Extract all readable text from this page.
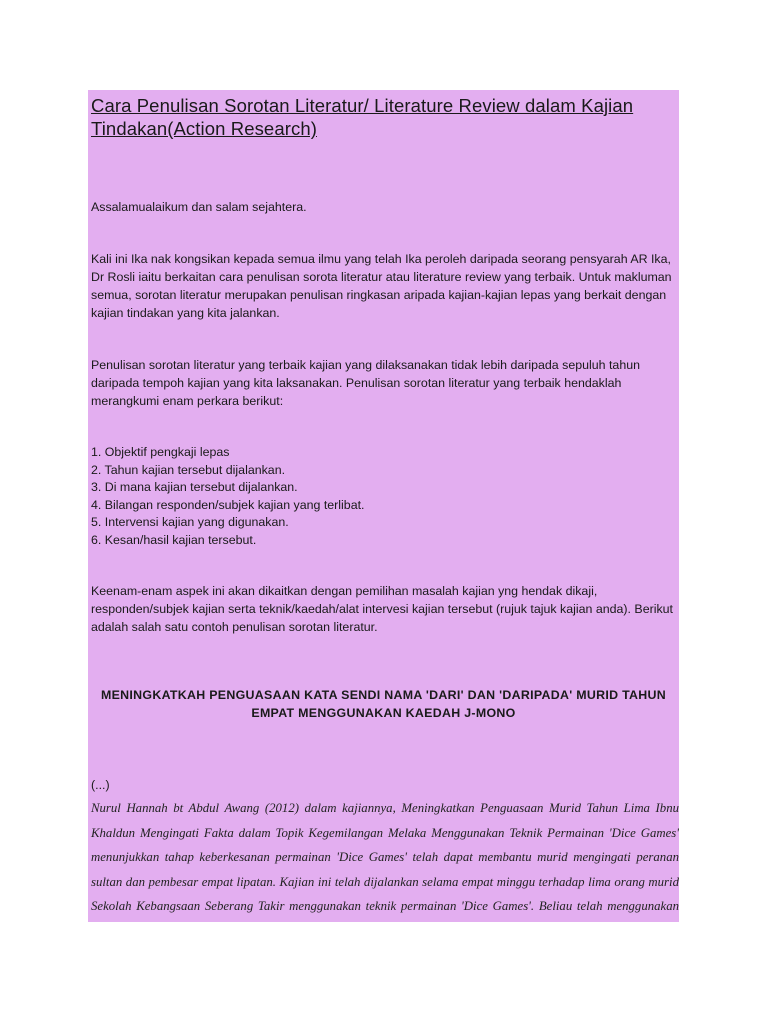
Cara Penulisan Sorotan Literatur/ Literature Review dalam Kajian Tindakan(Action Research)

Assalamualaikum dan salam sejahtera.

Kali ini Ika nak kongsikan kepada semua ilmu yang telah Ika peroleh daripada seorang pensyarah AR Ika, Dr Rosli iaitu berkaitan cara penulisan sorota literatur atau literature review yang terbaik. Untuk makluman semua, sorotan literatur merupakan penulisan ringkasan aripada kajian-kajian lepas yang berkait dengan kajian tindakan yang kita jalankan.

Penulisan sorotan literatur yang terbaik kajian yang dilaksanakan tidak lebih daripada sepuluh tahun daripada tempoh kajian yang kita laksanakan. Penulisan sorotan literatur yang terbaik hendaklah merangkumi enam perkara berikut:

1. Objektif pengkaji lepas
2. Tahun kajian tersebut dijalankan.
3. Di mana kajian tersebut dijalankan.
4. Bilangan responden/subjek kajian yang terlibat.
5. Intervensi kajian yang digunakan.
6. Kesan/hasil kajian tersebut.

Keenam-enam aspek ini akan dikaitkan dengan pemilihan masalah kajian yng hendak dikaji, responden/subjek kajian serta teknik/kaedah/alat intervesi kajian tersebut (rujuk tajuk kajian anda). Berikut adalah salah satu contoh penulisan sorotan literatur.

MENINGKATKAH PENGUASAAN KATA SENDI NAMA 'DARI' DAN 'DARIPADA' MURID TAHUN EMPAT MENGGUNAKAN KAEDAH J-MONO

(...)

Nurul Hannah bt Abdul Awang (2012) dalam kajiannya, Meningkatkan Penguasaan Murid Tahun Lima Ibnu Khaldun Mengingati Fakta dalam Topik Kegemilangan Melaka Menggunakan Teknik Permainan 'Dice Games' menunjukkan tahap keberkesanan permainan 'Dice Games' telah dapat membantu murid mengingati peranan sultan dan pembesar empat lipatan. Kajian ini telah dijalankan selama empat minggu terhadap lima orang murid Sekolah Kebangsaan Seberang Takir menggunakan teknik permainan 'Dice Games'. Beliau telah menggunakan
